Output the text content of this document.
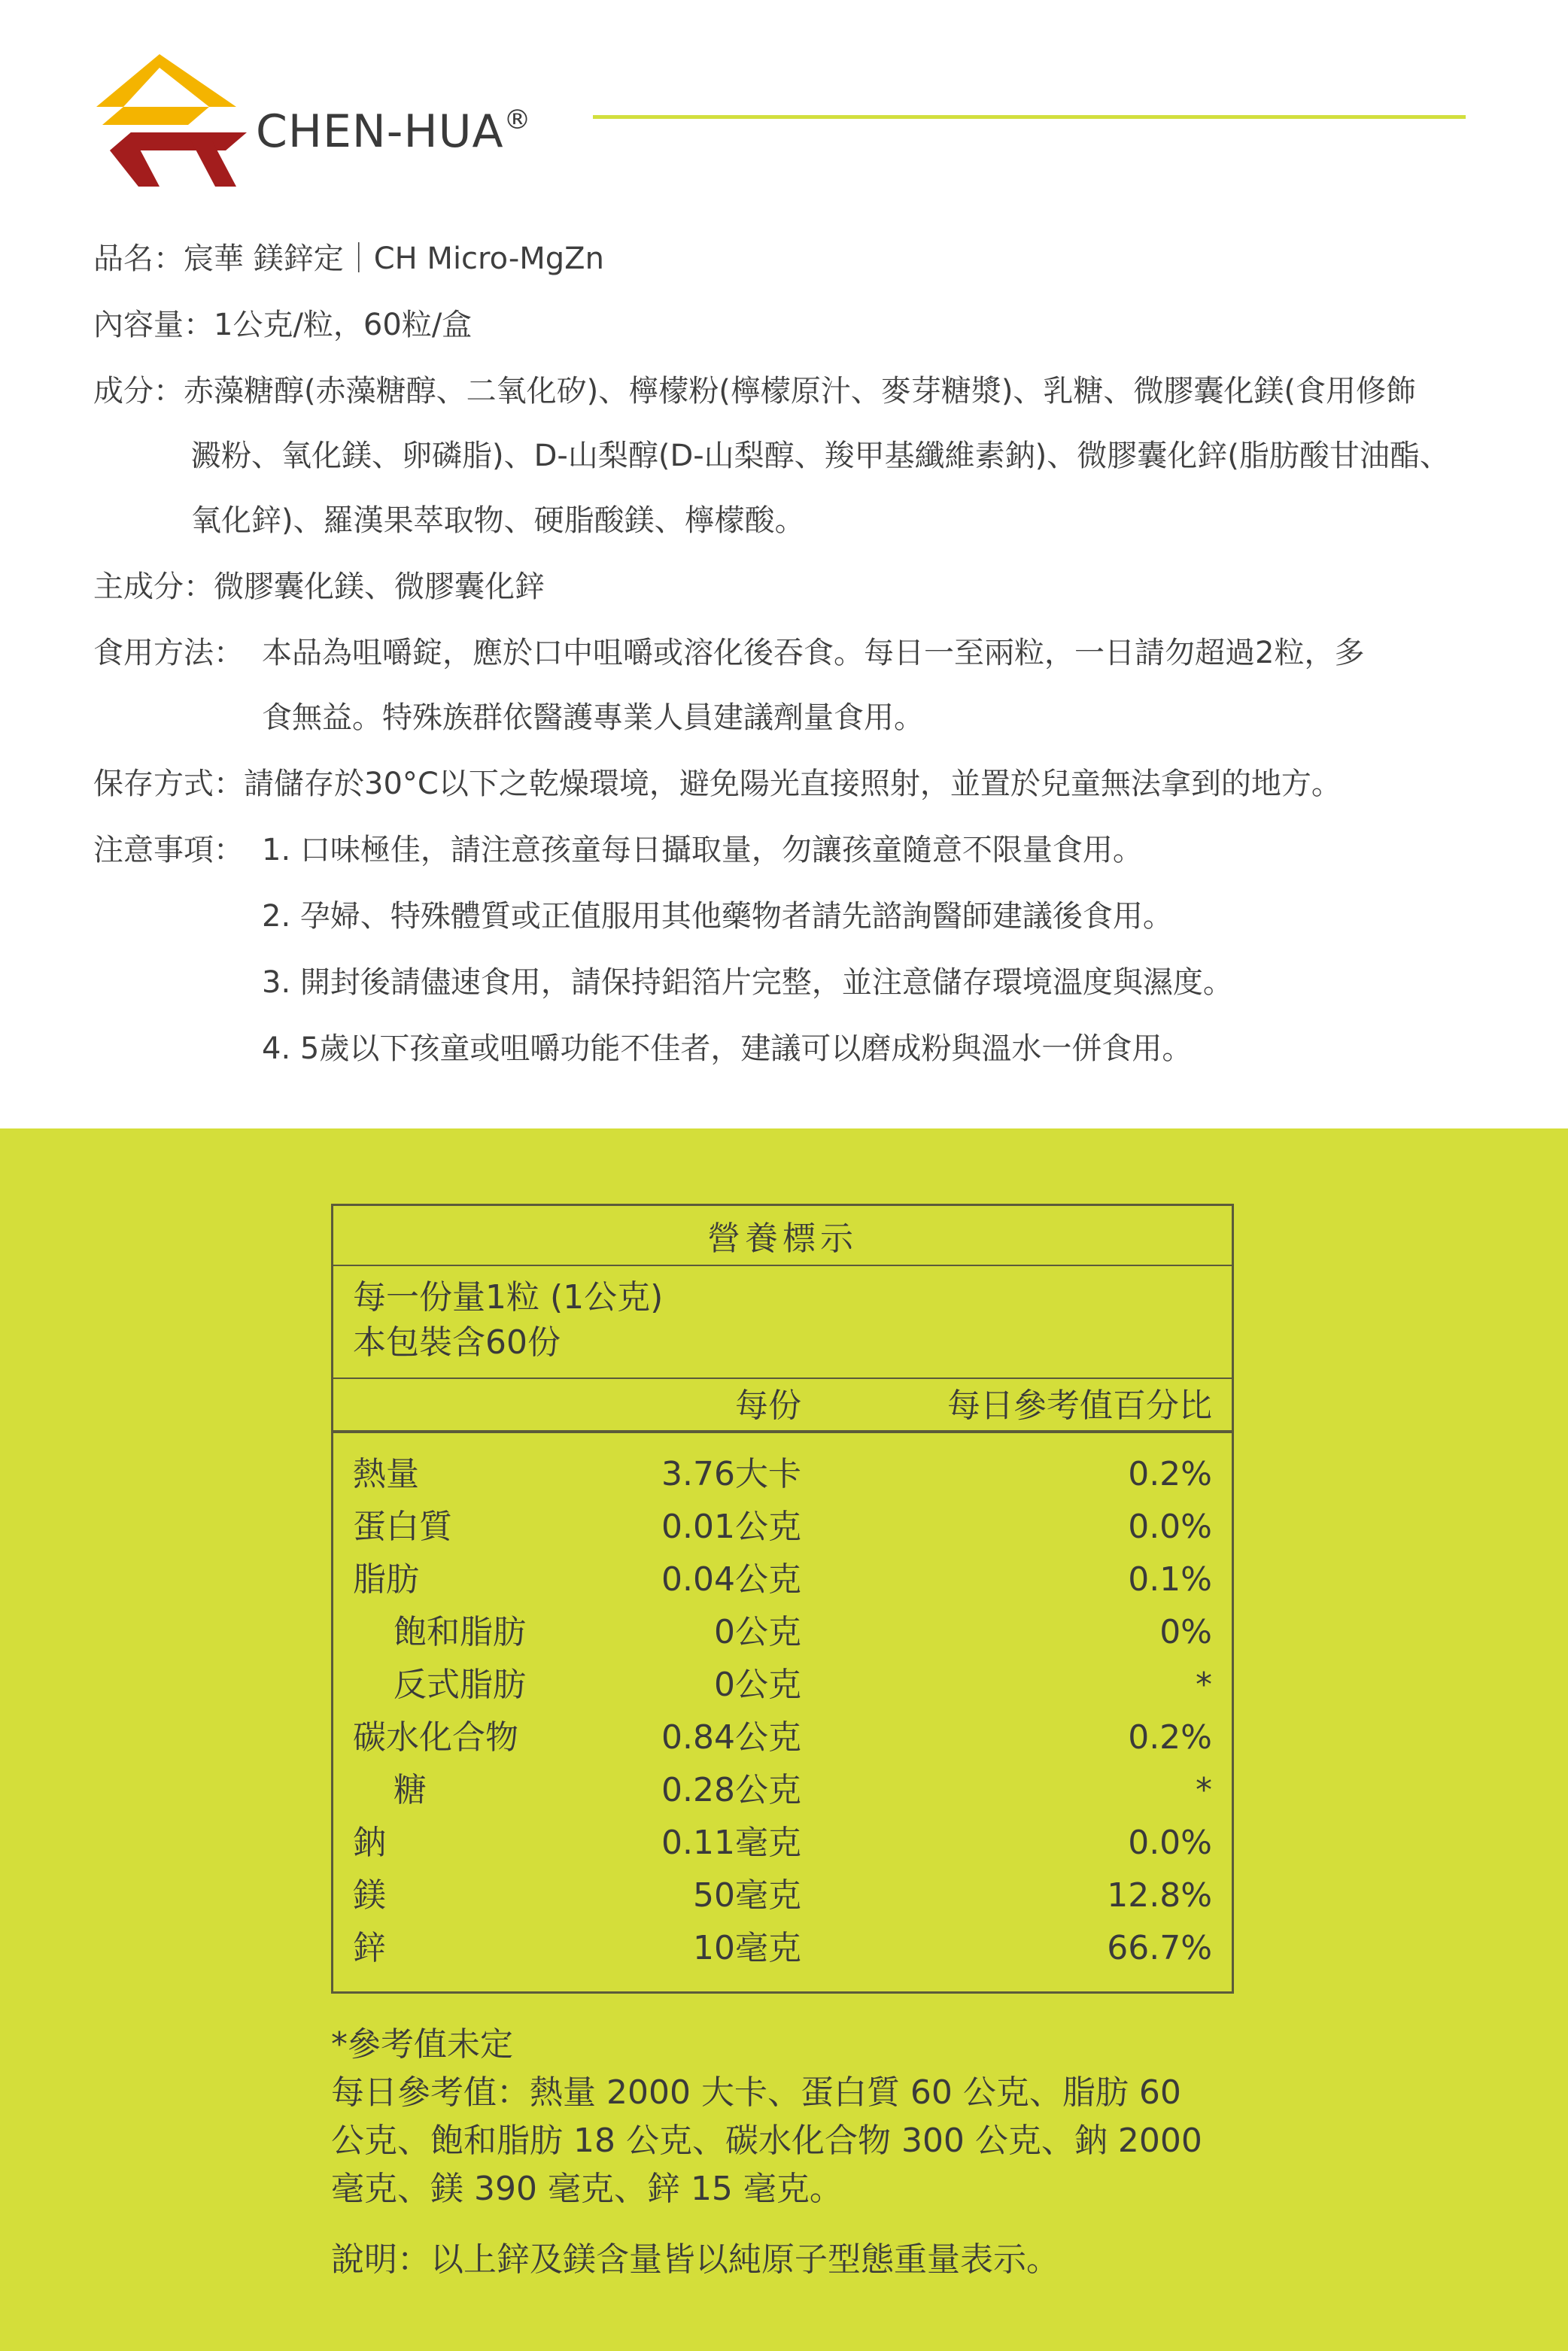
CHEN-HUA®
品名：宸華 鎂鋅定｜CH Micro-MgZn
內容量：1公克/粒，60粒/盒
成分： 赤藻糖醇(赤藻糖醇、二氧化矽)、檸檬粉(檸檬原汁、麥芽糖漿)、乳糖、微膠囊化鎂(食用修飾
澱粉、氧化鎂、卵磷脂)、D-山梨醇(D-山梨醇、羧甲基纖維素鈉)、微膠囊化鋅(脂肪酸甘油酯、
氧化鋅)、羅漢果萃取物、硬脂酸鎂、檸檬酸。
主成分：微膠囊化鎂、微膠囊化鋅
食用方法： 本品為咀嚼錠，應於口中咀嚼或溶化後吞食。每日一至兩粒，一日請勿超過2粒，多
食無益。特殊族群依醫護專業人員建議劑量食用。
保存方式：請儲存於30°C以下之乾燥環境，避免陽光直接照射，並置於兒童無法拿到的地方。
注意事項： 1. 口味極佳，請注意孩童每日攝取量，勿讓孩童隨意不限量食用。
2. 孕婦、特殊體質或正值服用其他藥物者請先諮詢醫師建議後食用。
3. 開封後請儘速食用，請保持鋁箔片完整，並注意儲存環境溫度與濕度。
4. 5歲以下孩童或咀嚼功能不佳者，建議可以磨成粉與溫水一併食用。
營養標示
每一份量1粒 (1公克)
本包裝含60份
每份	每日參考值百分比
熱量	3.76大卡	0.2%
蛋白質	0.01公克	0.0%
脂肪	0.04公克	0.1%
飽和脂肪	0公克	0%
反式脂肪	0公克	*
碳水化合物	0.84公克	0.2%
糖	0.28公克	*
鈉	0.11毫克	0.0%
鎂	50毫克	12.8%
鋅	10毫克	66.7%
*參考值未定
每日參考值：熱量 2000 大卡、蛋白質 60 公克、脂肪 60
公克、飽和脂肪 18 公克、碳水化合物 300 公克、鈉 2000
毫克、鎂 390 毫克、鋅 15 毫克。
說明：以上鋅及鎂含量皆以純原子型態重量表示。
